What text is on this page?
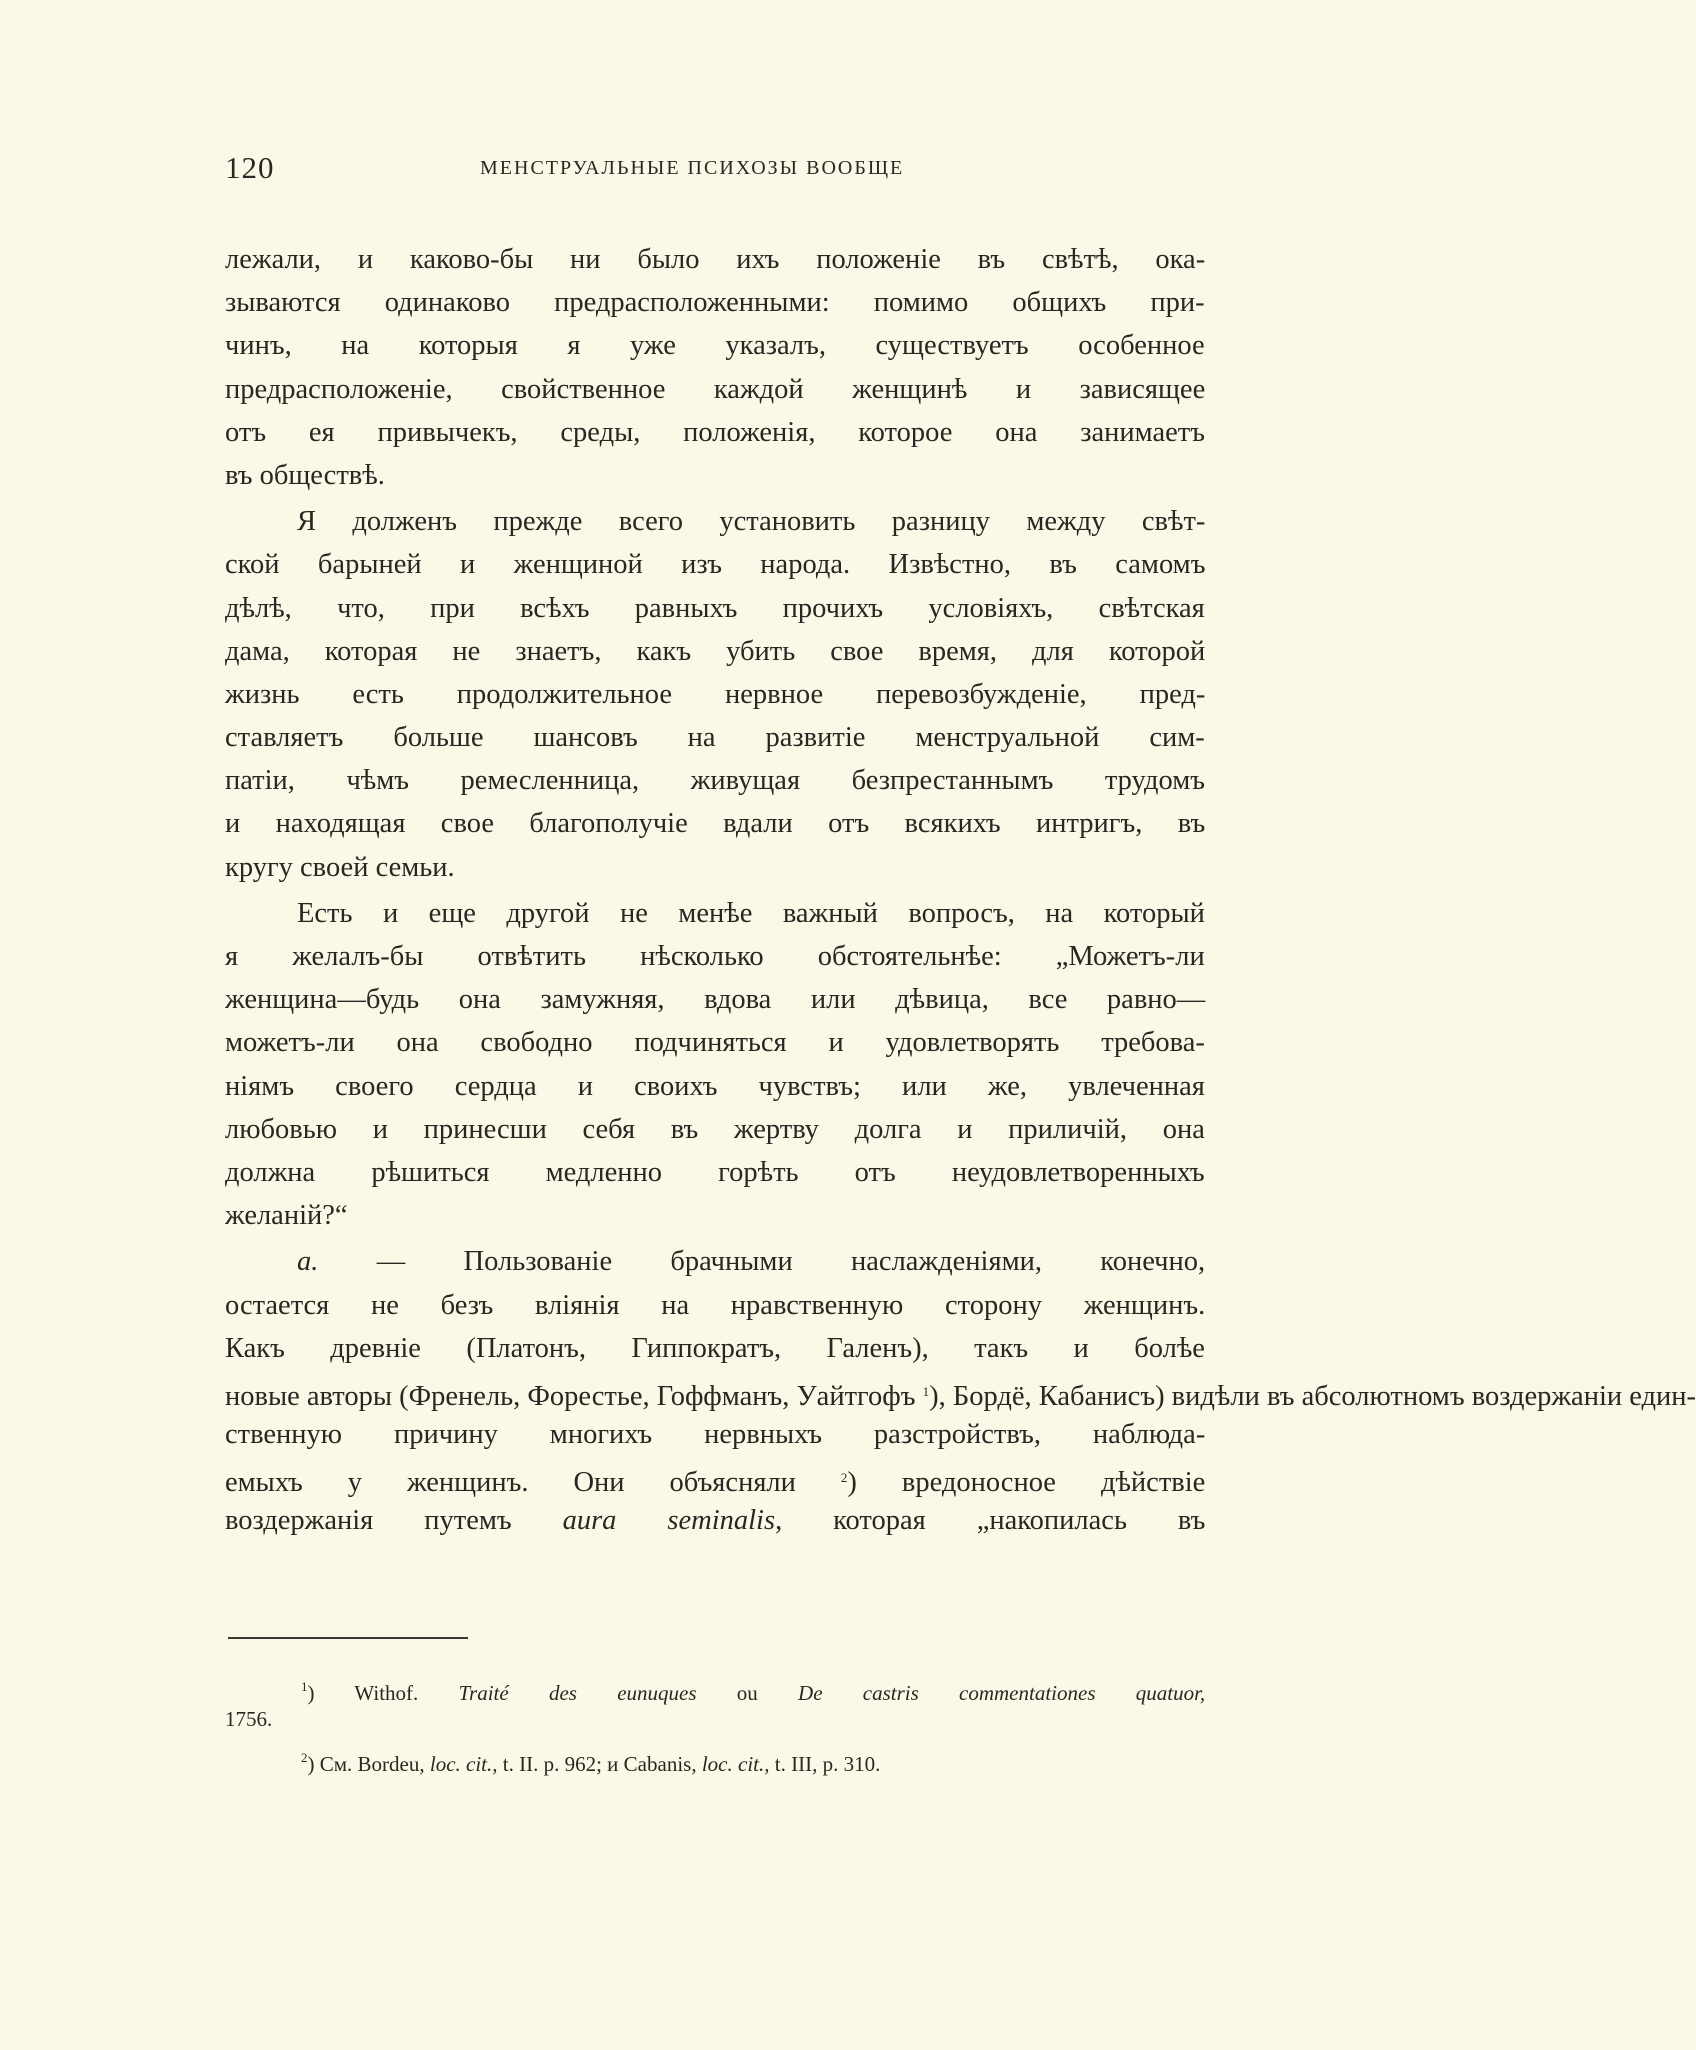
120	МЕНСТРУАЛЬНЫЕ ПСИХОЗЫ ВООБЩЕ
лежали, и каково-бы ни было ихъ положенiе въ свѣтѣ, ока-
зываются одинаково предрасположенными: помимо общихъ при-
чинъ, на которыя я уже указалъ, существуетъ особенное
предрасположенiе, свойственное каждой женщинѣ и зависящее
отъ ея привычекъ, среды, положенiя, которое она занимаетъ
въ обществѣ.
Я долженъ прежде всего установить разницу между свѣт-
ской барыней и женщиной изъ народа. Извѣстно, въ самомъ
дѣлѣ, что, при всѣхъ равныхъ прочихъ условiяхъ, свѣтская
дама, которая не знаетъ, какъ убить свое время, для которой
жизнь есть продолжительное нервное перевозбужденiе, пред-
ставляетъ больше шансовъ на развитiе менструальной сим-
патiи, чѣмъ ремесленница, живущая безпрестаннымъ трудомъ
и находящая свое благополучiе вдали отъ всякихъ интригъ, въ
кругу своей семьи.
Есть и еще другой не менѣе важный вопросъ, на который
я желалъ-бы отвѣтить нѣсколько обстоятельнѣе: „Можетъ-ли
женщина—будь она замужняя, вдова или дѣвица, все равно—
можетъ-ли она свободно подчиняться и удовлетворять требова-
нiямъ своего сердца и своихъ чувствъ; или же, увлеченная
любовью и принесши себя въ жертву долга и приличiй, она
должна рѣшиться медленно горѣть отъ неудовлетворенныхъ
желанiй?“
a. — Пользованiе брачными наслажденiями, конечно,
остается не безъ влiянiя на нравственную сторону женщинъ.
Какъ древнiе (Платонъ, Гиппократъ, Галенъ), такъ и болѣе
новые авторы (Френель, Форестье, Гоффманъ, Уайтгофъ $^1$), Бордё, Кабанисъ) видѣли въ абсолютномъ воздержанiи един-
ственную причину многихъ нервныхъ разстройствъ, наблюда-
емыхъ у женщинъ. Они объясняли	$^2$) вредоносное дѣйствiе
воздержанiя путемъ aura seminalis, которая „накопилась въ
$^1$) Withof. Traité des eunuques ou De castris commentationes quatuor,
1756.
$^2$) См. Bordeu, loc. cit., t. II. p. 962; и Cabanis, loc. cit., t. III, p. 310.
